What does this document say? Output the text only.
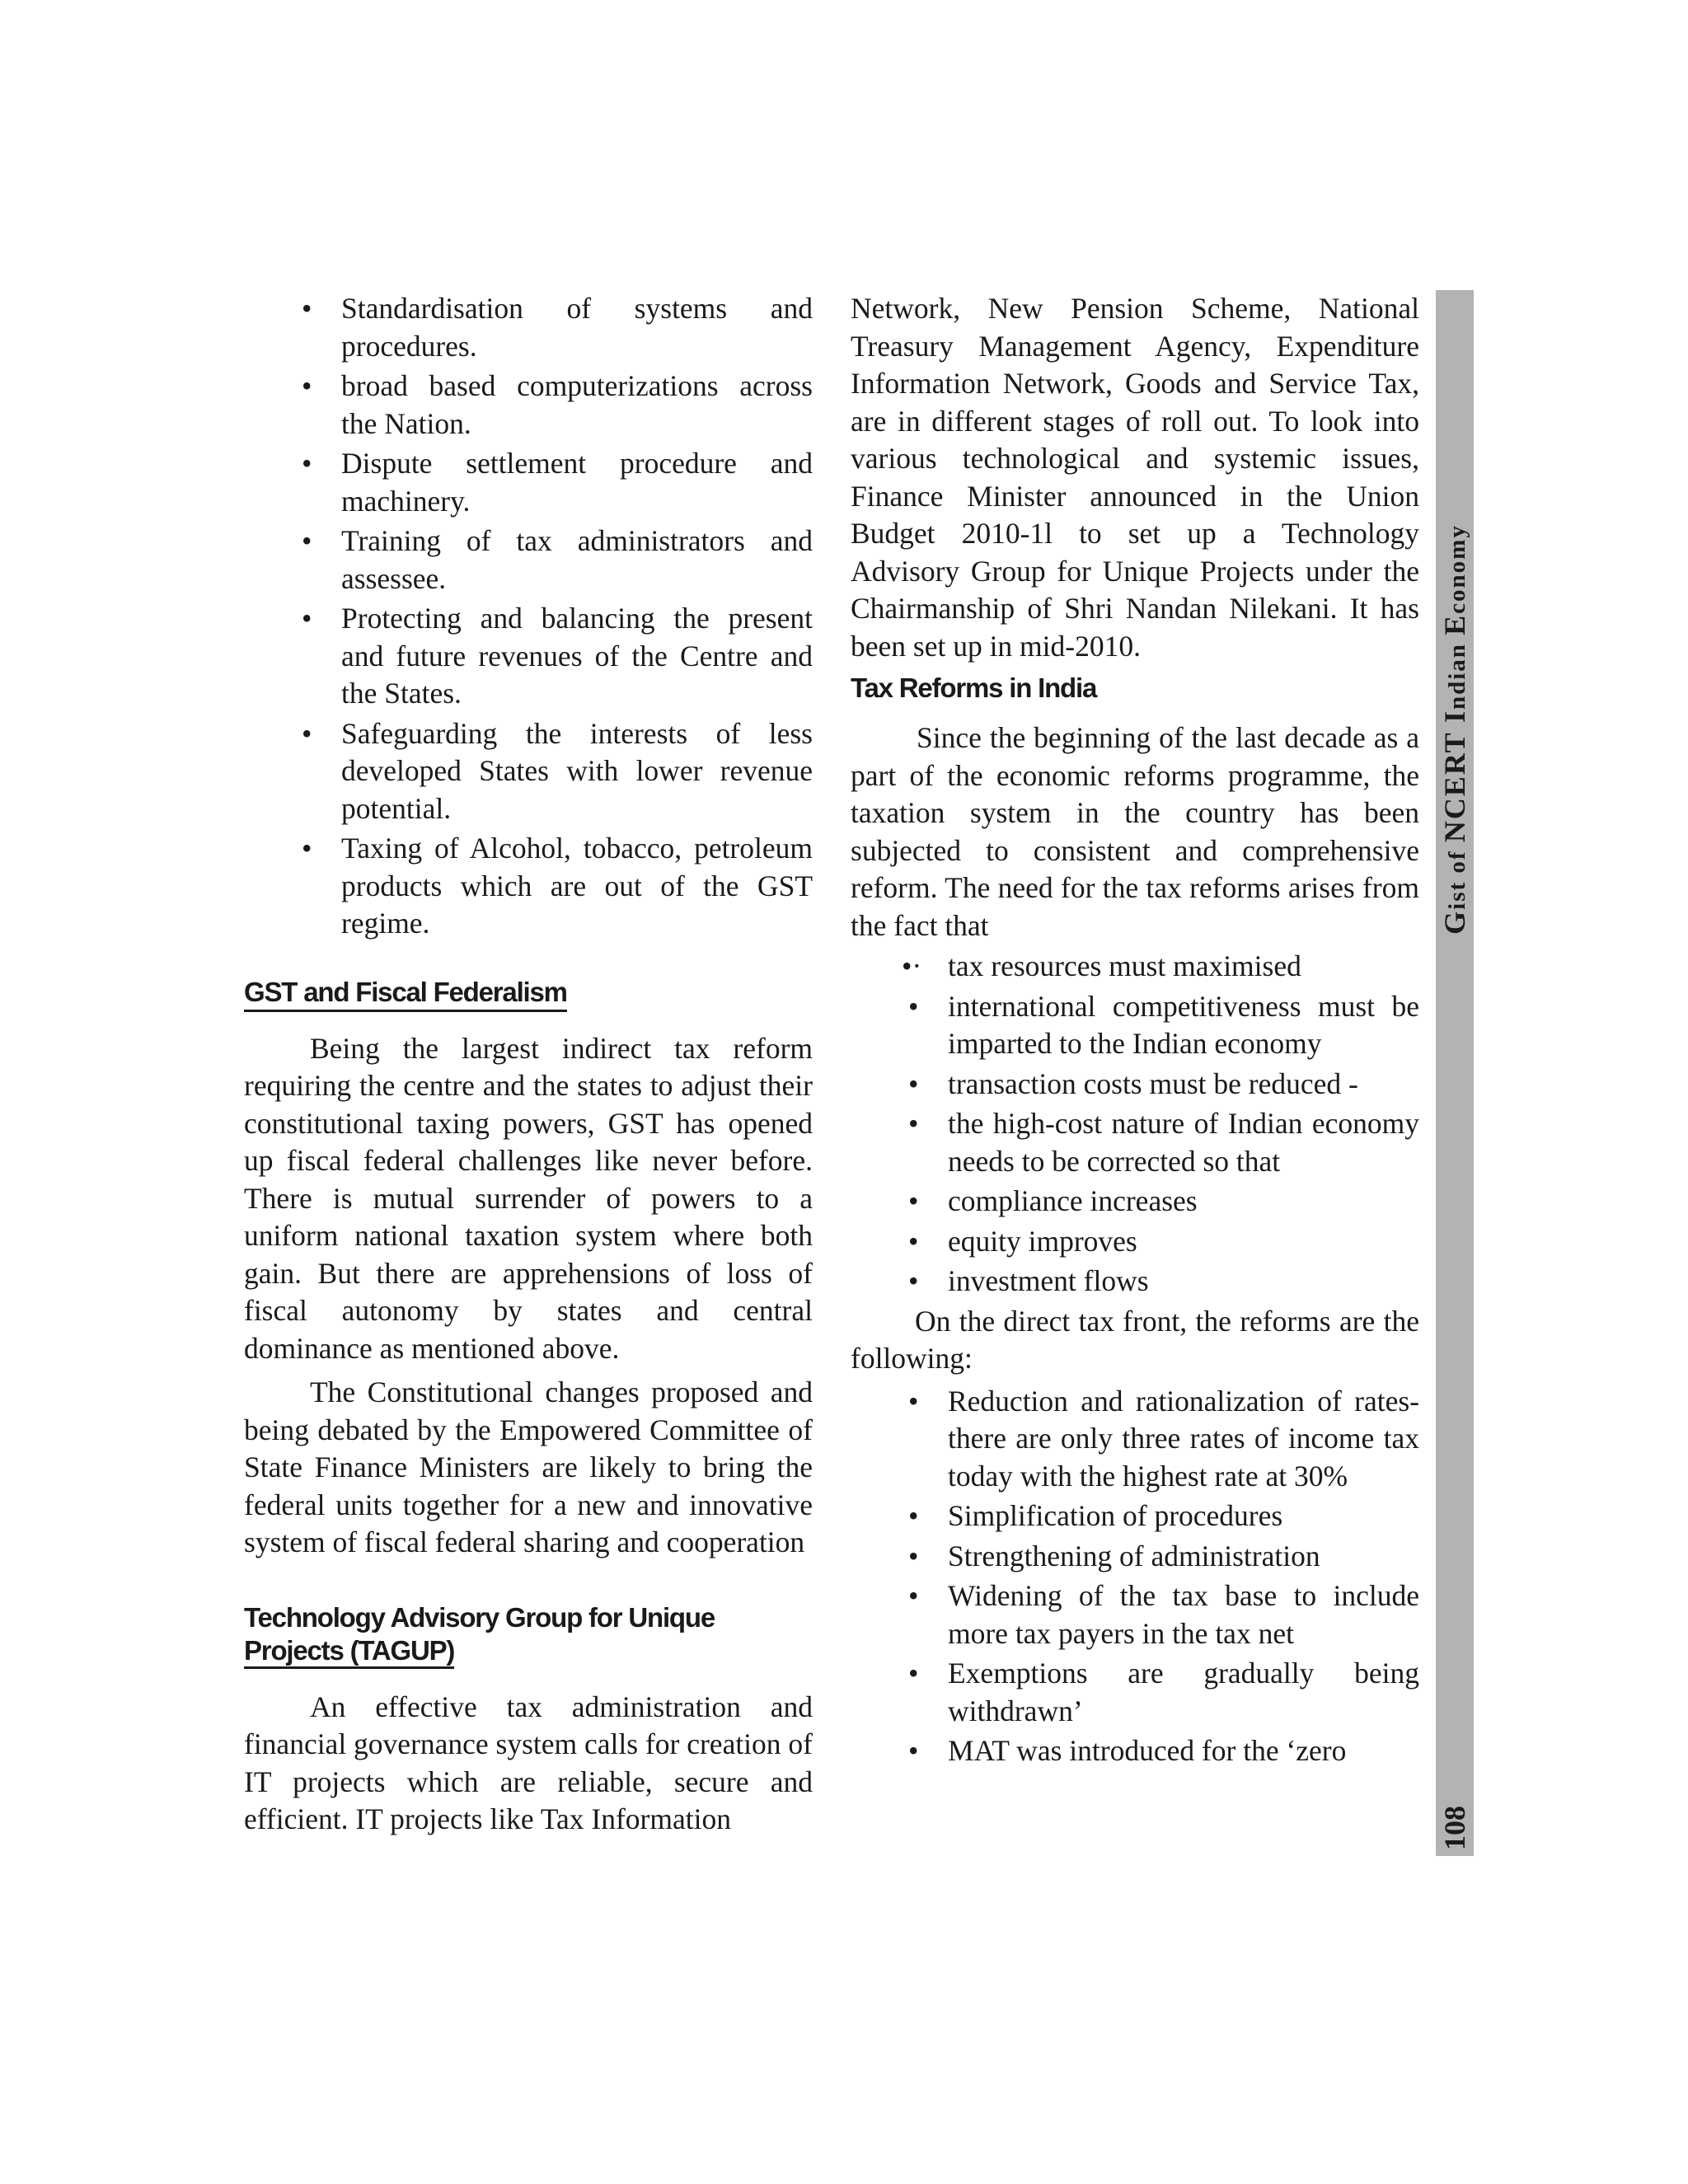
• Standardisation of systems and procedures.
• broad based computerizations across the Nation.
• Dispute settlement procedure and machinery.
• Training of tax administrators and assessee.
• Protecting and balancing the present and future revenues of the Centre and the States.
• Safeguarding the interests of less developed States with lower revenue potential.
• Taxing of Alcohol, tobacco, petroleum products which are out of the GST regime.
GST and Fiscal Federalism

Being the largest indirect tax reform requiring the centre and the states to adjust their constitutional taxing powers, GST has opened up fiscal federal challenges like never before. There is mutual surrender of powers to a uniform national taxation system where both gain. But there are apprehensions of loss of fiscal autonomy by states and central dominance as mentioned above.

The Constitutional changes proposed and being debated by the Empowered Committee of State Finance Ministers are likely to bring the federal units together for a new and innovative system of fiscal federal sharing and cooperation

Technology Advisory Group for Unique
Projects (TAGUP)

An effective tax administration and financial governance system calls for creation of IT projects which are reliable, secure and efficient. IT projects like Tax Information

Network, New Pension Scheme, National Treasury Management Agency, Expenditure Information Network, Goods and Service Tax, are in different stages of roll out. To look into various technological and systemic issues, Finance Minister announced in the Union Budget 2010-1l to set up a Technology Advisory Group for Unique Projects under the Chairmanship of Shri Nandan Nilekani. It has been set up in mid-2010.

Tax Reforms in India

Since the beginning of the last decade as a part of the economic reforms programme, the taxation system in the country has been subjected to consistent and comprehensive reform. The need for the tax reforms arises from the fact that

•· tax resources must maximised
• international competitiveness must be imparted to the Indian economy
• transaction costs must be reduced -
• the high-cost nature of Indian economy needs to be corrected so that
• compliance increases
• equity improves
• investment flows

On the direct tax front, the reforms are the following:

• Reduction and rationalization of rates- there are only three rates of income tax today with the highest rate at 30%
• Simplification of procedures
• Strengthening of administration
• Widening of the tax base to include more tax payers in the tax net
• Exemptions are gradually being withdrawn’
• MAT was introduced for the ‘zero
Gist of NCERT Indian Economy
108
